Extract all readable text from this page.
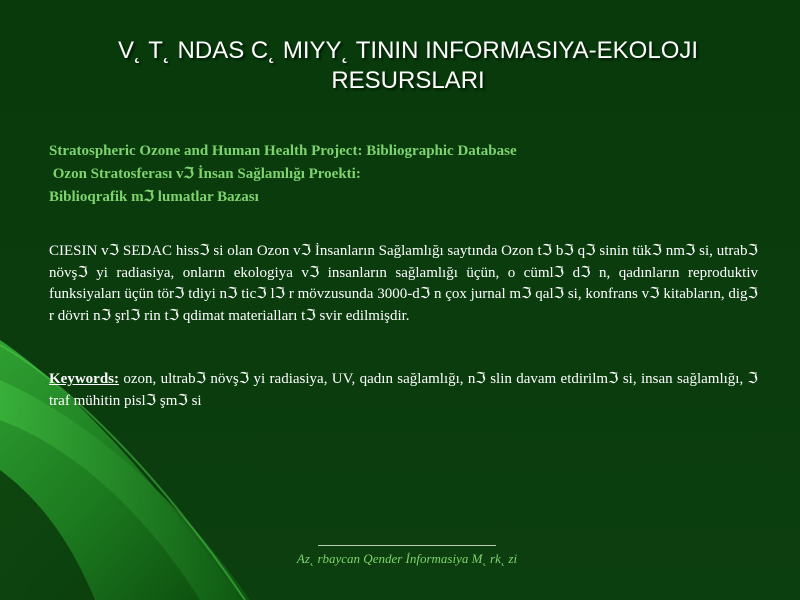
V˛ T˛ NDAS C˛ MIYY˛ TININ INFORMASIYA-EKOLOJI
RESURSLARI
Stratospheric Ozone and Human Health Project: Bibliographic Database
Ozon Stratosferası vℑ İnsan Sağlamlığı Proekti:
Biblioqrafik mℑ lumatlar Bazası
CIESIN vℑ SEDAC hissℑ si olan Ozon vℑ İnsanların Sağlamlığı saytında Ozon tℑ bℑ qℑ sinin tükℑ nmℑ si, utrabℑ növşℑ yi radiasiya, onların ekologiya vℑ insanların sağlamlığı üçün, o cümlℑ dℑ n, qadınların reproduktiv funksiyaları üçün törℑ tdiyi nℑ ticℑ lℑ r mövzusunda 3000-dℑ n çox jurnal mℑ qalℑ si, konfrans vℑ kitabların, digℑ r dövri nℑ şrlℑ rin tℑ qdimat materialları tℑ svir edilmişdir.
Keywords: ozon, ultrabℑ növşℑ yi radiasiya, UV, qadın sağlamlığı, nℑ slin davam etdirilmℑ si, insan sağlamlığı, ℑ traf mühitin pislℑ şmℑ si
Az˛ rbaycan Qender İnformasiya M˛ rk˛ zi
